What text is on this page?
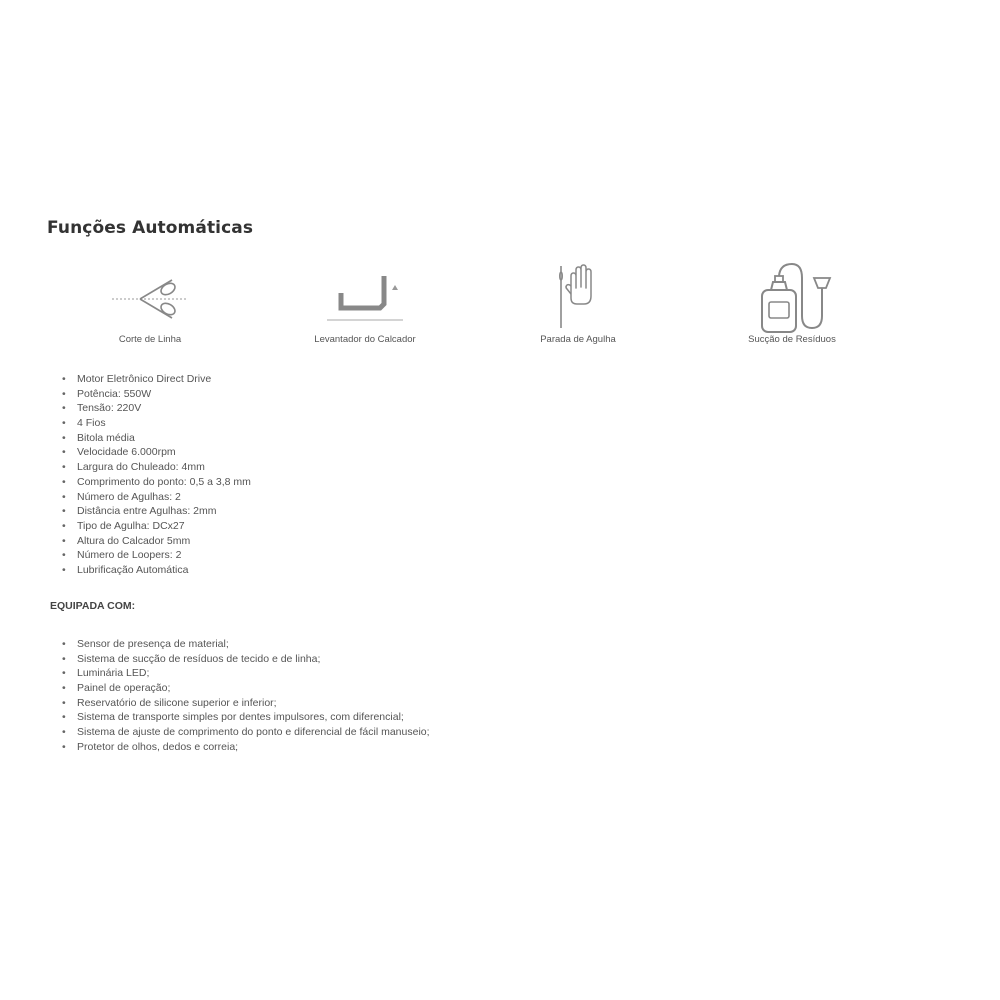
Funções Automáticas
Corte de Linha	Levantador do Calcador	Parada de Agulha	Sucção de Resíduos
• Motor Eletrônico Direct Drive
• Potência: 550W
• Tensão: 220V
• 4 Fios
• Bitola média
• Velocidade 6.000rpm
• Largura do Chuleado: 4mm
• Comprimento do ponto: 0,5 a 3,8 mm
• Número de Agulhas: 2
• Distância entre Agulhas: 2mm
• Tipo de Agulha: DCx27
• Altura do Calcador 5mm
• Número de Loopers: 2
• Lubrificação Automática
EQUIPADA COM:
• Sensor de presença de material;
• Sistema de sucção de resíduos de tecido e de linha;
• Luminária LED;
• Painel de operação;
• Reservatório de silicone superior e inferior;
• Sistema de transporte simples por dentes impulsores, com diferencial;
• Sistema de ajuste de comprimento do ponto e diferencial de fácil manuseio;
• Protetor de olhos, dedos e correia;
